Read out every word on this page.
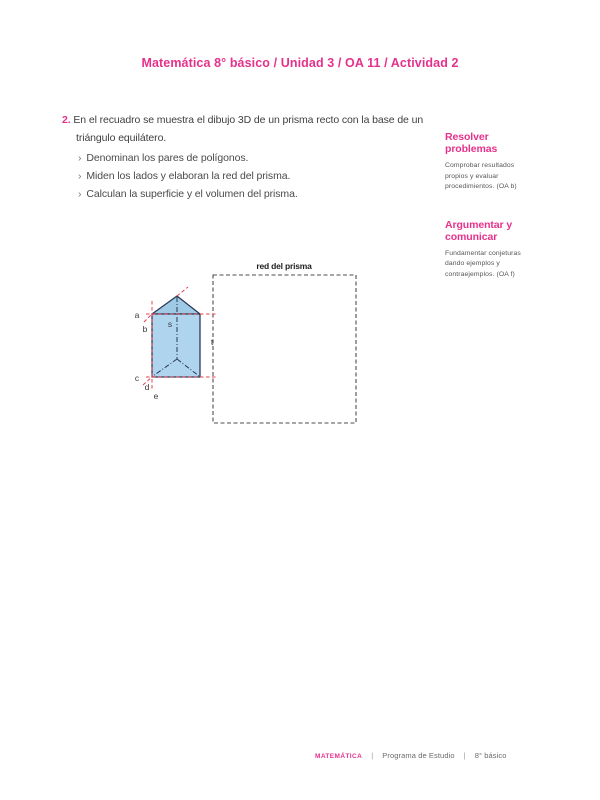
Matemática 8° básico / Unidad 3 / OA 11 / Actividad 2
2. En el recuadro se muestra el dibujo 3D de un prisma recto con la base de un triángulo equilátero.
› Denominan los pares de polígonos.
› Miden los lados y elaboran la red del prisma.
› Calculan la superficie y el volumen del prisma.
Resolver problemas
Comprobar resultados propios y evaluar procedimientos. (OA b)
Argumentar y comunicar
Fundamentar conjeturas dando ejemplos y contraejemplos. (OA f)
red del prisma
a
b
c
d
e
s
t
MATEMÁTICA | Programa de Estudio | 8° básico
